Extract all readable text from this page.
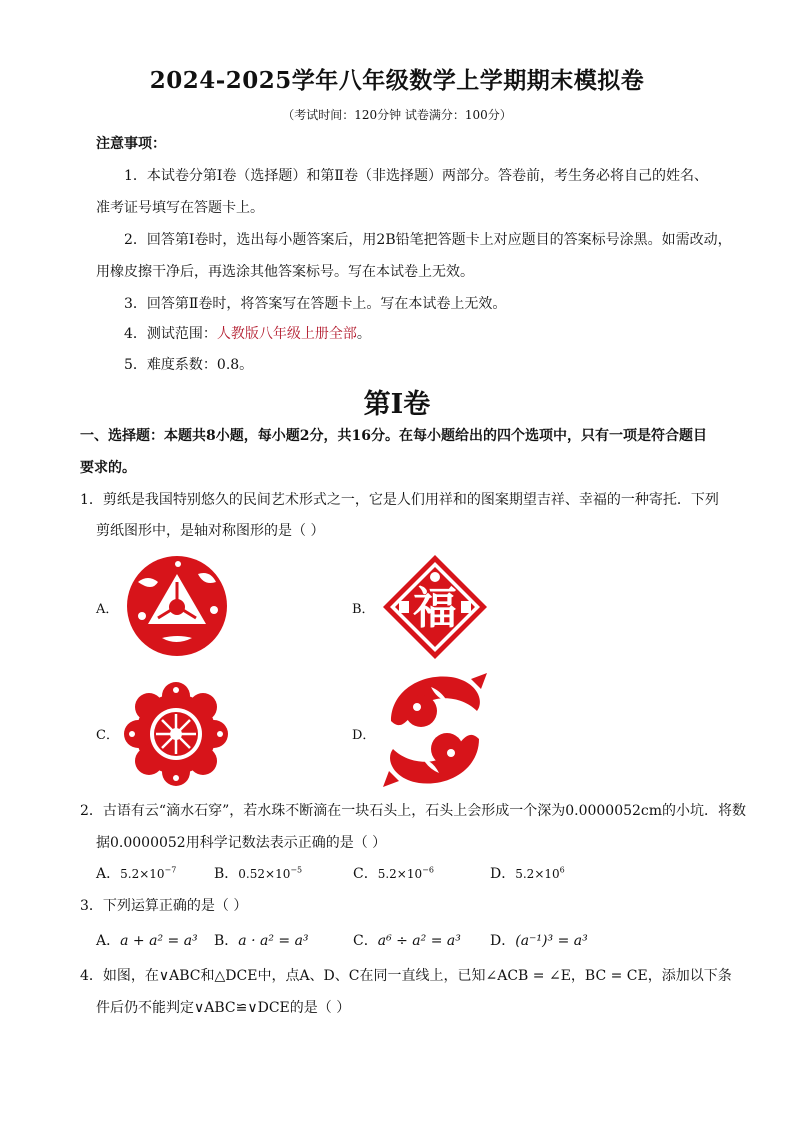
2024-2025学年八年级数学上学期期末模拟卷
（考试时间：120分钟 试卷满分：100分）
注意事项：
1．本试卷分第Ⅰ卷（选择题）和第Ⅱ卷（非选择题）两部分。答卷前，考生务必将自己的姓名、
准考证号填写在答题卡上。
2．回答第Ⅰ卷时，选出每小题答案后，用2B铅笔把答题卡上对应题目的答案标号涂黑。如需改动，
用橡皮擦干净后，再选涂其他答案标号。写在本试卷上无效。
3．回答第Ⅱ卷时，将答案写在答题卡上。写在本试卷上无效。
4．测试范围：人教版八年级上册全部。
5．难度系数：0.8。
第Ⅰ卷
一、选择题：本题共8小题，每小题2分，共16分。在每小题给出的四个选项中，只有一项是符合题目
要求的。
1．剪纸是我国特别悠久的民间艺术形式之一，它是人们用祥和的图案期望吉祥、幸福的一种寄托．下列
剪纸图形中，是轴对称图形的是（ ）
A．	B．
C．	D．
福
2．古语有云“滴水石穿”，若水珠不断滴在一块石头上，石头上会形成一个深为0.0000052cm的小坑．将数
据0.0000052用科学记数法表示正确的是（ ）
A．$5.2\times 10^{-7}$	B．$0.52\times 10^{-5}$	C．$5.2\times 10^{-6}$	D．$5.2\times 10^6$
3．下列运算正确的是（ ）
A．a + a² = a³ B．a · a² = a³	C．a⁶ ÷ a² = a³ D．(a⁻¹)³ = a³
4．如图，在∨ABC和△DCE中，点A、D、C在同一直线上，已知∠ACB = ∠E，BC = CE，添加以下条
件后仍不能判定∨ABC≌∨DCE的是（ ）
